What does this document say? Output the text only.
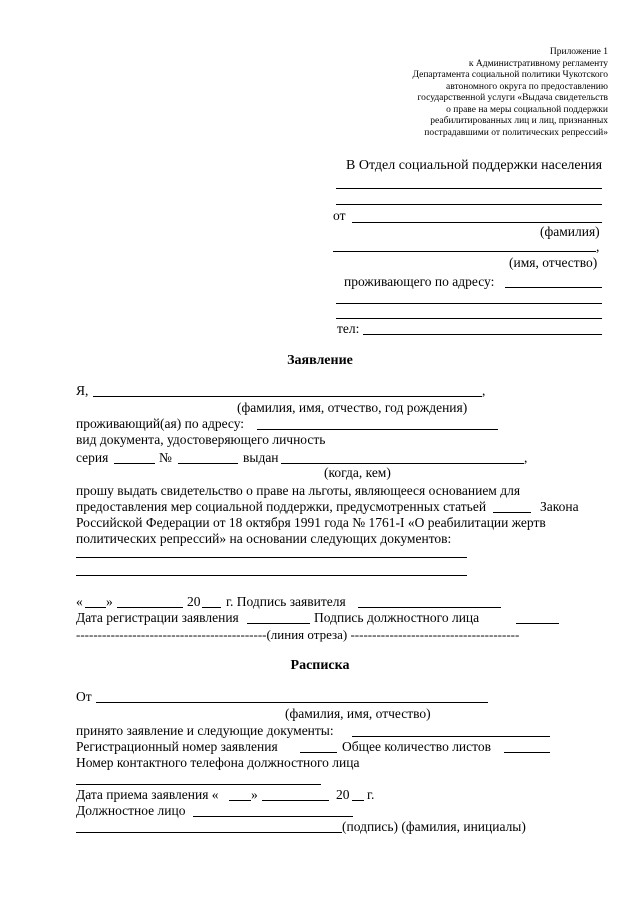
Приложение 1
к Административному регламенту
Департамента социальной политики Чукотского
автономного округа по предоставлению
государственной услуги «Выдача свидетельств
о праве на меры социальной поддержки
реабилитированных лиц и лиц, признанных
пострадавшими от политических репрессий»
В Отдел социальной поддержки населения
от
(фамилия)
,
(имя, отчество)
проживающего по адресу:
тел:
Заявление
Я,	,
(фамилия, имя, отчество, год рождения)
проживающий(ая) по адресу:
вид документа, удостоверяющего личность
серия	№	выдан	,
(когда, кем)
прошу выдать свидетельство о праве на льготы, являющееся основанием для
предоставления мер социальной поддержки, предусмотренных статьей	Закона
Российской Федерации от 18 октября 1991 года № 1761-I «О реабилитации жертв
политических репрессий» на основании следующих документов:
« »	20 г. Подпись заявителя
Дата регистрации заявления	Подпись должностного лица
--------------------------------------------(линия отрезa) ---------------------------------------
Расписка
От
(фамилия, имя, отчество)
принято заявление и следующие документы:
Регистрационный номер заявления	Общее количество листов
Номер контактного телефона должностного лица
Дата приема заявления « »	20 г.
Должностное лицо
(подпись) (фамилия, инициалы)
